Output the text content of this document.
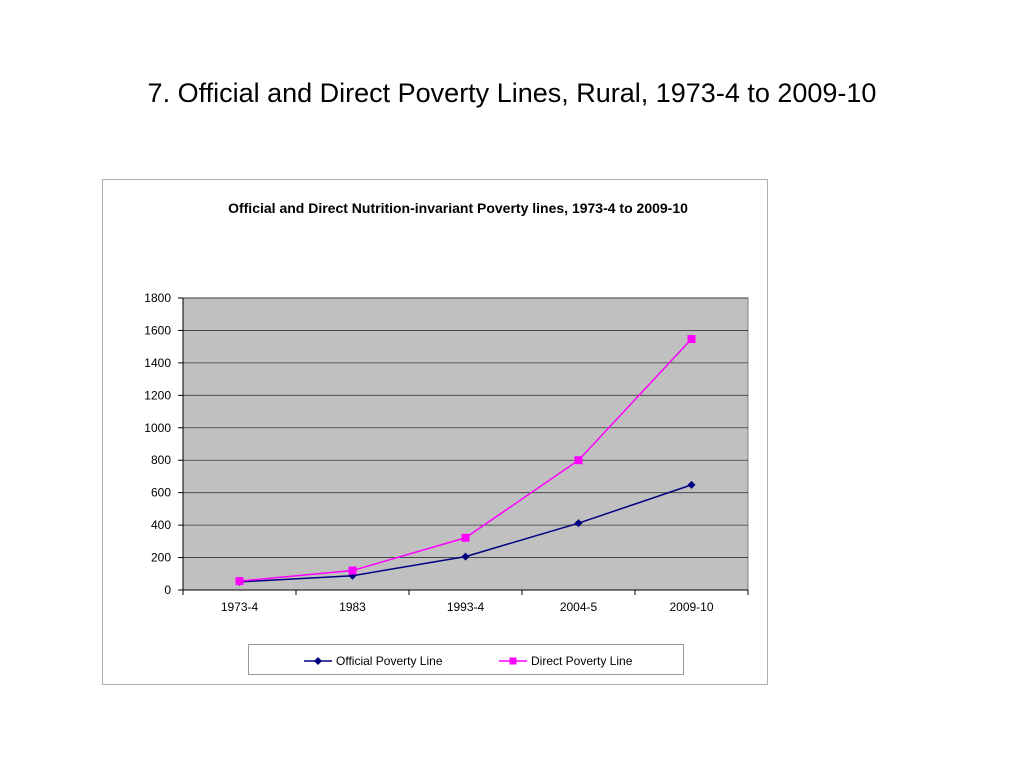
7. Official and Direct Poverty Lines, Rural, 1973-4 to 2009-10
Official and Direct Nutrition-invariant Poverty lines, 1973-4 to 2009-10
0
200
400
600
800
1000
1200
1400
1600
1800
1973-4	1983	1993-4	2004-5	2009-10
Official Poverty Line	Direct Poverty Line
